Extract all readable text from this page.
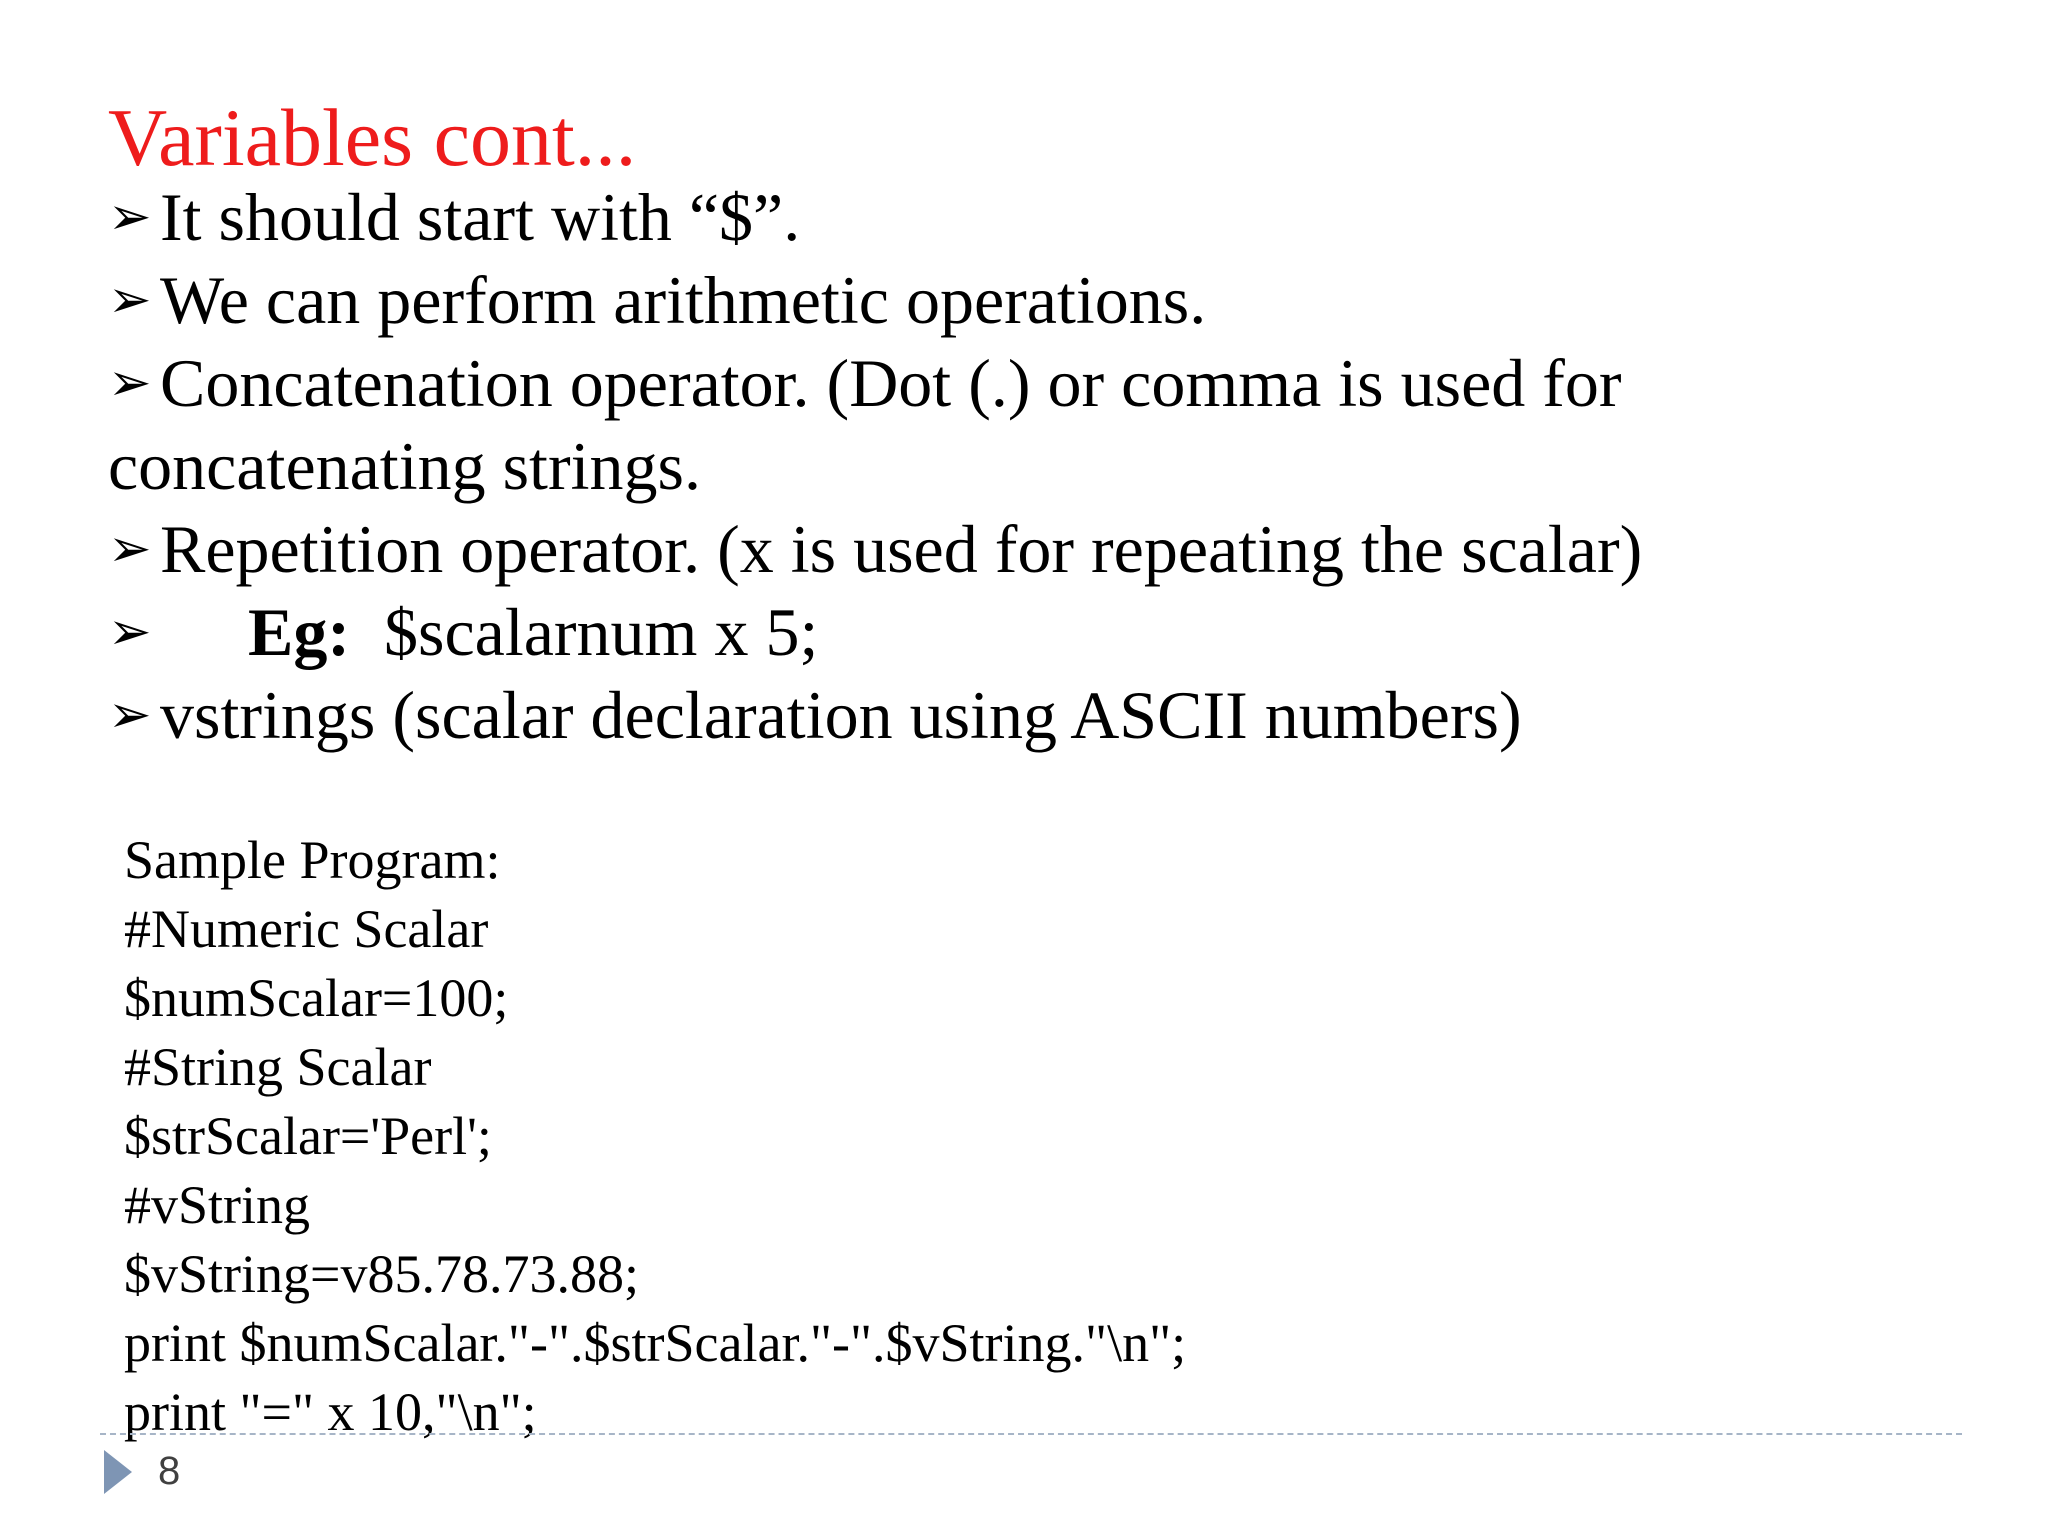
Variables cont...
➢ It should start with “$”.
➢ We can perform arithmetic operations.
➢ Concatenation operator. (Dot (.) or comma is used for
concatenating strings.
➢ Repetition operator. (x is used for repeating the scalar)
➢ Eg: $scalarnum x 5;
➢ vstrings (scalar declaration using ASCII numbers)
Sample Program:
#Numeric Scalar
$numScalar=100;
#String Scalar
$strScalar='Perl';
#vString
$vString=v85.78.73.88;
print $numScalar."-".$strScalar."-".$vString."\n";
print "=" x 10,"\n";
8
